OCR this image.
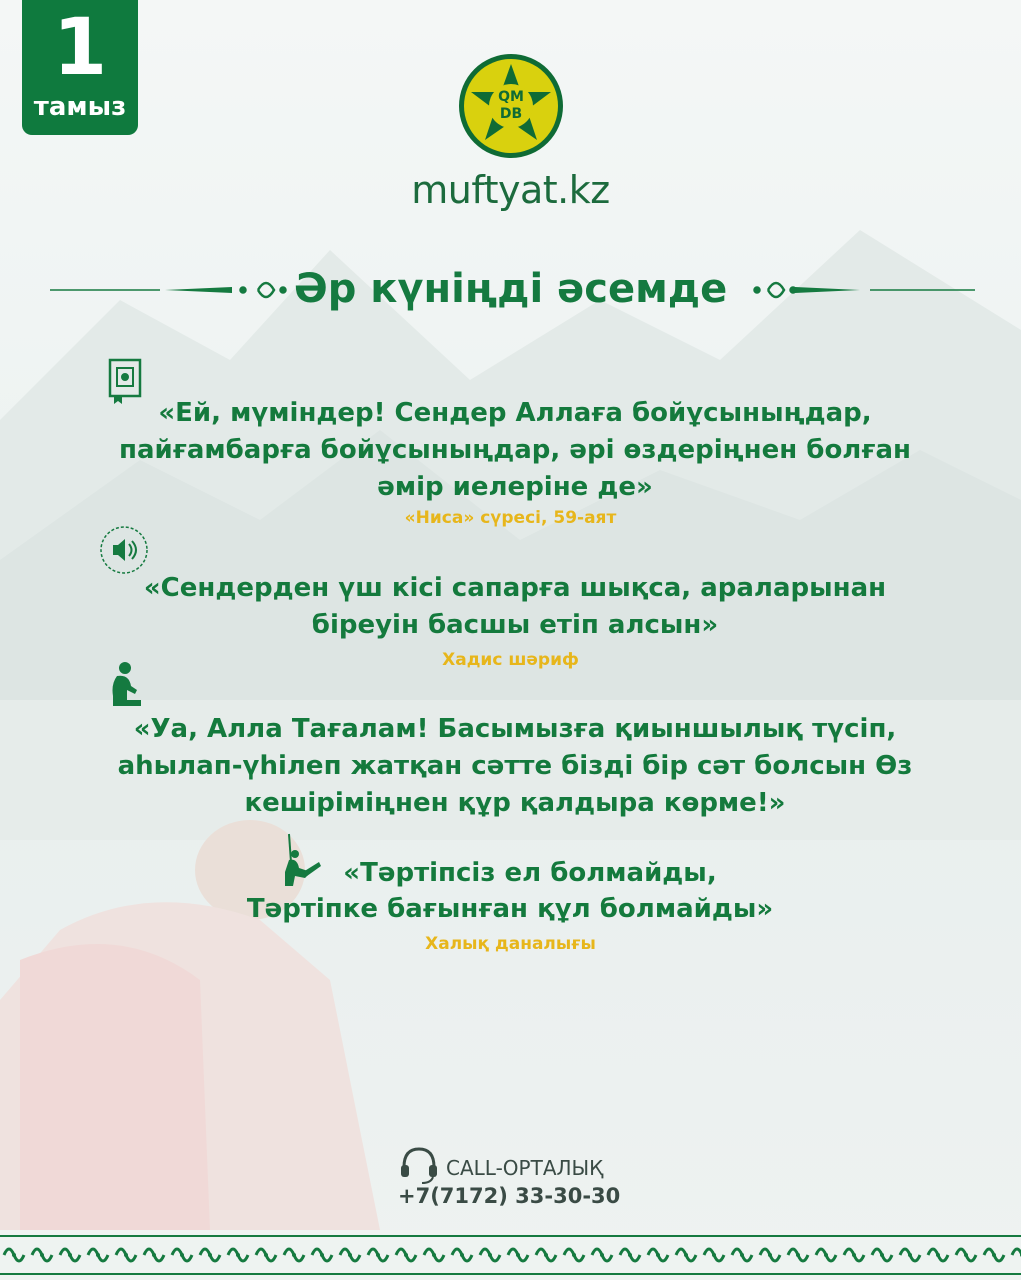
1
тамыз	QM
DB
muftyat.kz
Әр күніңді әсемде
«Ей, мүміндер! Сендер Аллаға бойұсыныңдар,
пайғамбарға бойұсыныңдар, әрі өздеріңнен болған
әмір иелеріне де»
«Ниса» сүресі, 59-аят
«Сендерден үш кісі сапарға шықса, араларынан
біреуін басшы етіп алсын»
Хадис шәриф
«Уа, Алла Тағалам! Басымызға қиыншылық түсіп,
аһылап-үһілеп жатқан сәтте бізді бір сәт болсын Өз
кешіріміңнен құр қалдыра көрме!»
«Тәртіпсіз ел болмайды,
Тәртіпке бағынған құл болмайды»
Халық даналығы
CALL-ОРТАЛЫҚ
+7(7172) 33-30-30
